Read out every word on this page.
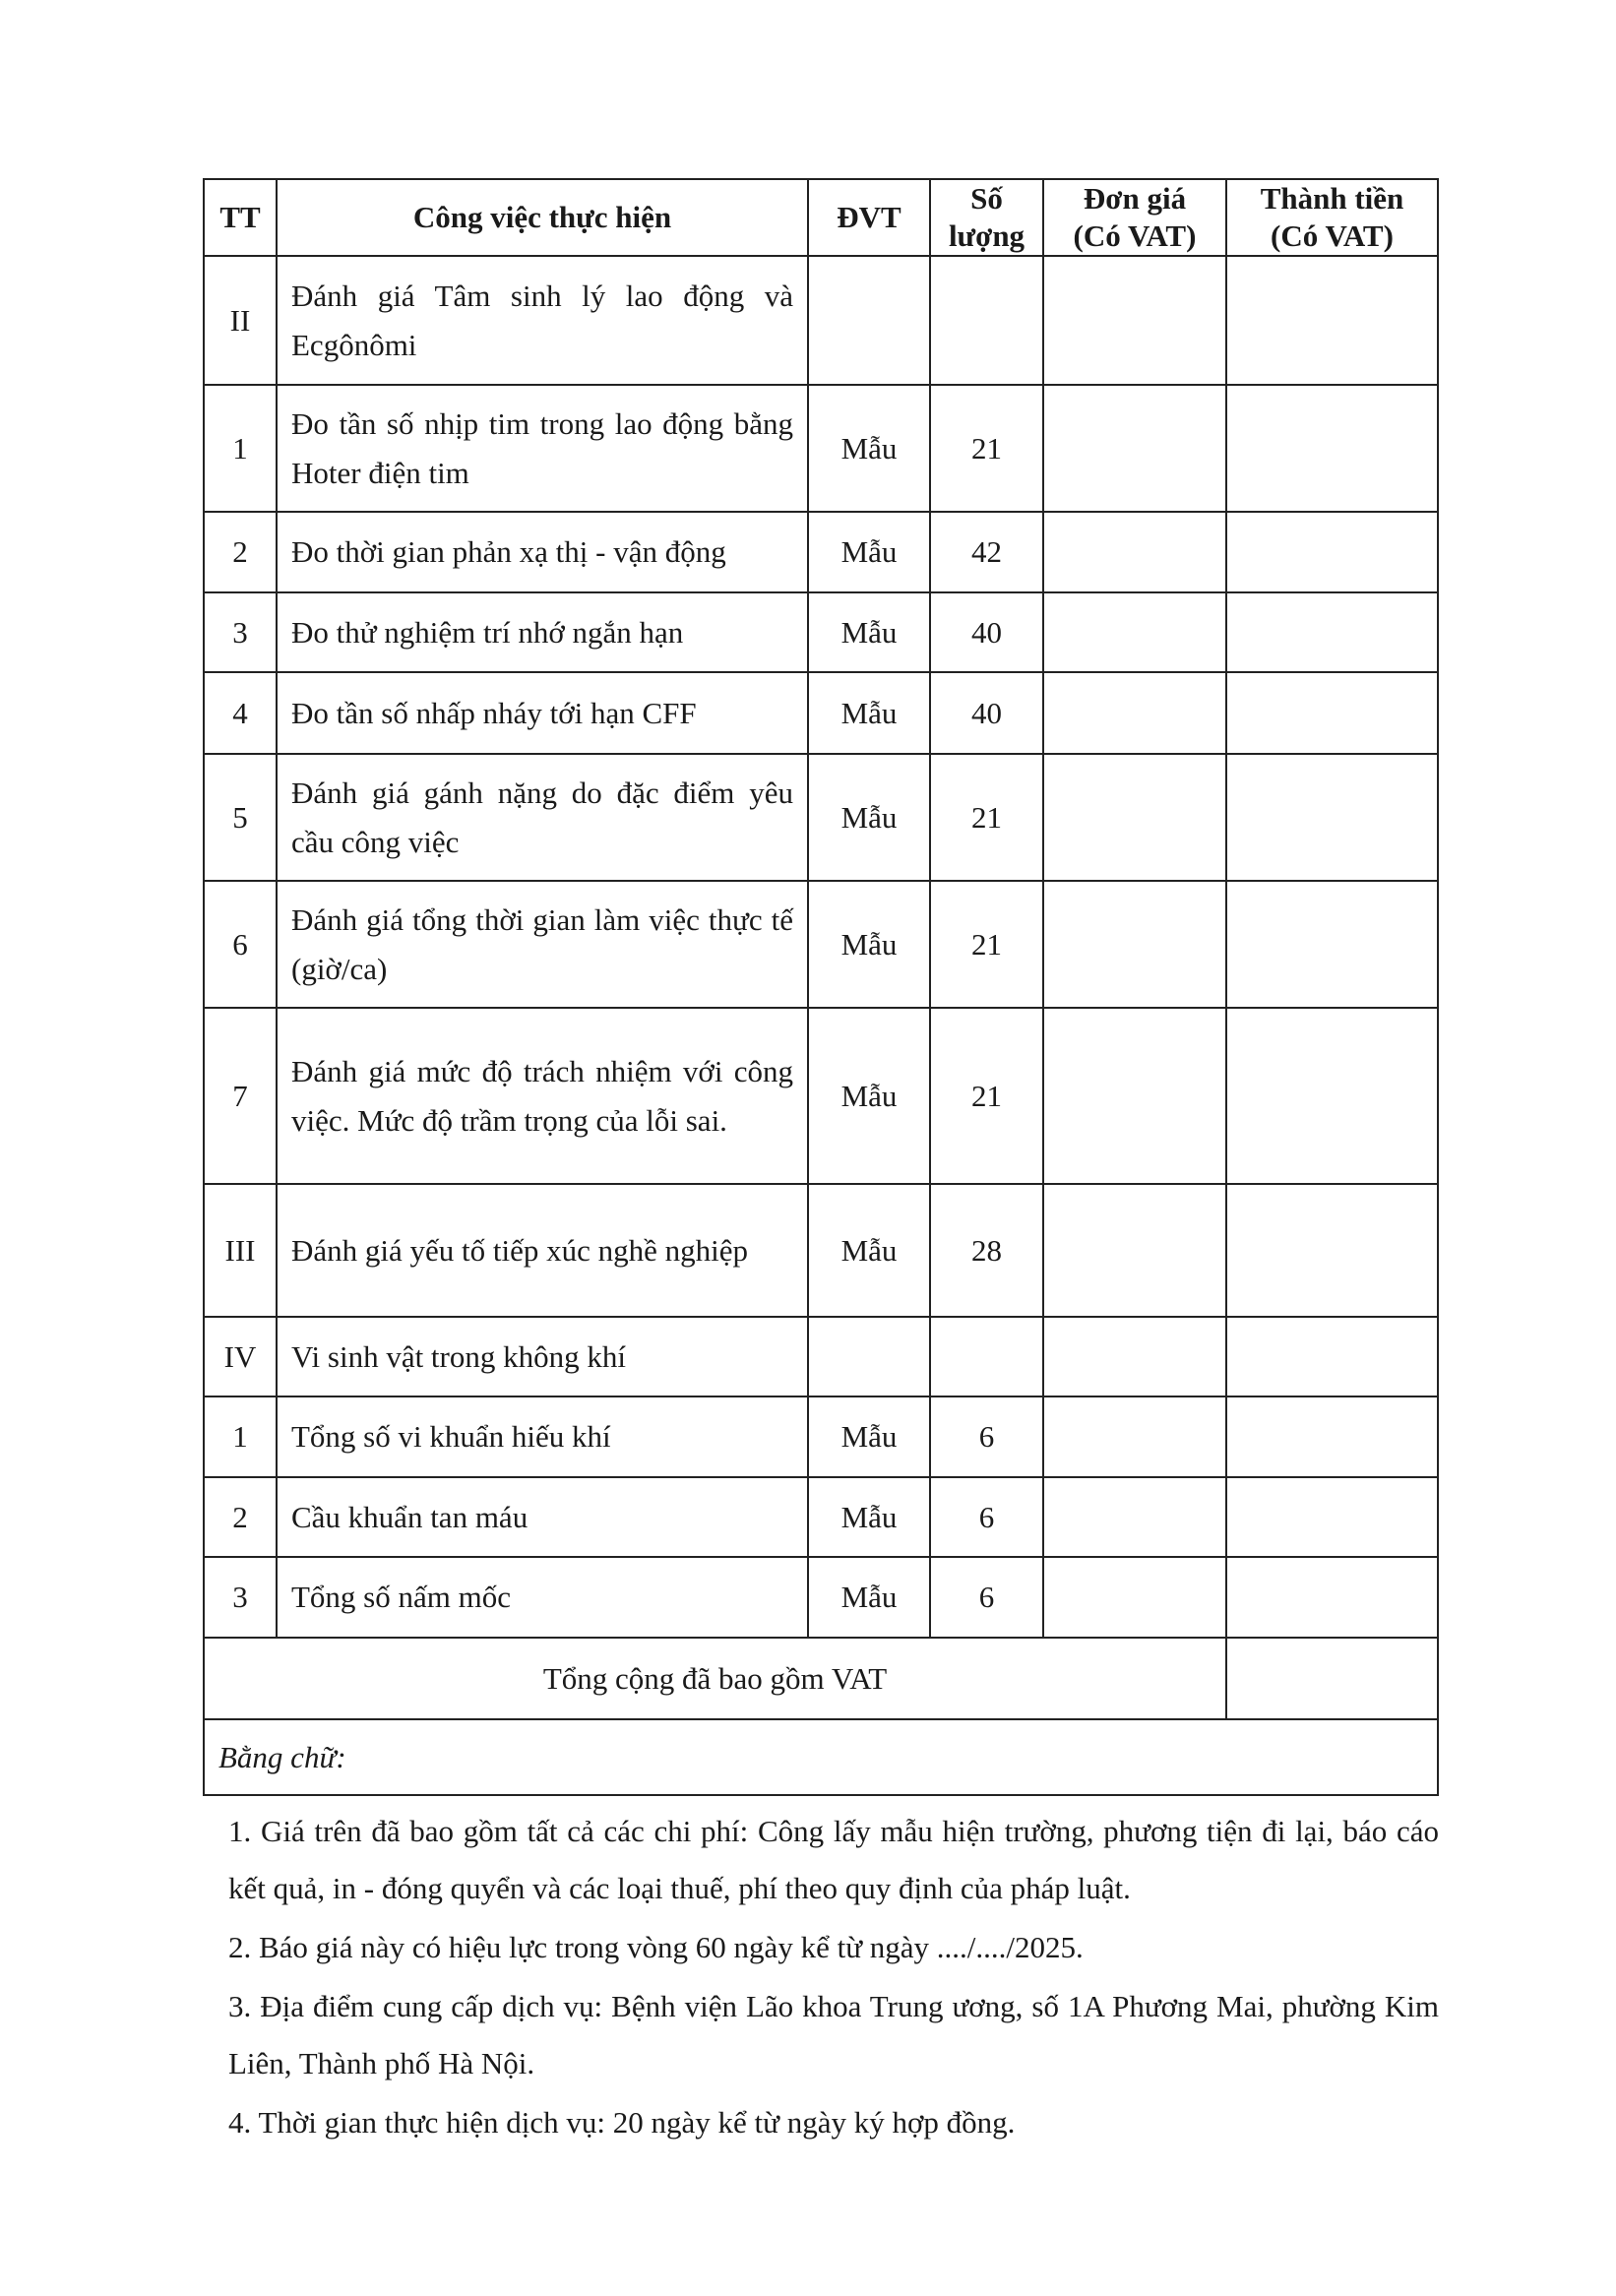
TT	Công việc thực hiện	ĐVT	Số lượng	Đơn giá (Có VAT)	Thành tiền (Có VAT)
II	Đánh giá Tâm sinh lý lao động và Ecgônômi				
1	Đo tần số nhịp tim trong lao động bằng Hoter điện tim	Mẫu	21		
2	Đo thời gian phản xạ thị - vận động	Mẫu	42		
3	Đo thử nghiệm trí nhớ ngắn hạn	Mẫu	40		
4	Đo tần số nhấp nháy tới hạn CFF	Mẫu	40		
5	Đánh giá gánh nặng do đặc điểm yêu cầu công việc	Mẫu	21		
6	Đánh giá tổng thời gian làm việc thực tế (giờ/ca)	Mẫu	21		
7	Đánh giá mức độ trách nhiệm với công việc. Mức độ trầm trọng của lỗi sai.	Mẫu	21		
III	Đánh giá yếu tố tiếp xúc nghề nghiệp	Mẫu	28		
IV	Vi sinh vật trong không khí				
1	Tổng số vi khuẩn hiếu khí	Mẫu	6		
2	Cầu khuẩn tan máu	Mẫu	6		
3	Tổng số nấm mốc	Mẫu	6		
Tổng cộng đã bao gồm VAT					
Bằng chữ:					

1. Giá trên đã bao gồm tất cả các chi phí: Công lấy mẫu hiện trường, phương tiện đi lại, báo cáo kết quả, in - đóng quyển và các loại thuế, phí theo quy định của pháp luật.

2. Báo giá này có hiệu lực trong vòng 60 ngày kể từ ngày ..../..../2025.

3. Địa điểm cung cấp dịch vụ: Bệnh viện Lão khoa Trung ương, số 1A Phương Mai, phường Kim Liên, Thành phố Hà Nội.

4. Thời gian thực hiện dịch vụ: 20 ngày kể từ ngày ký hợp đồng.
